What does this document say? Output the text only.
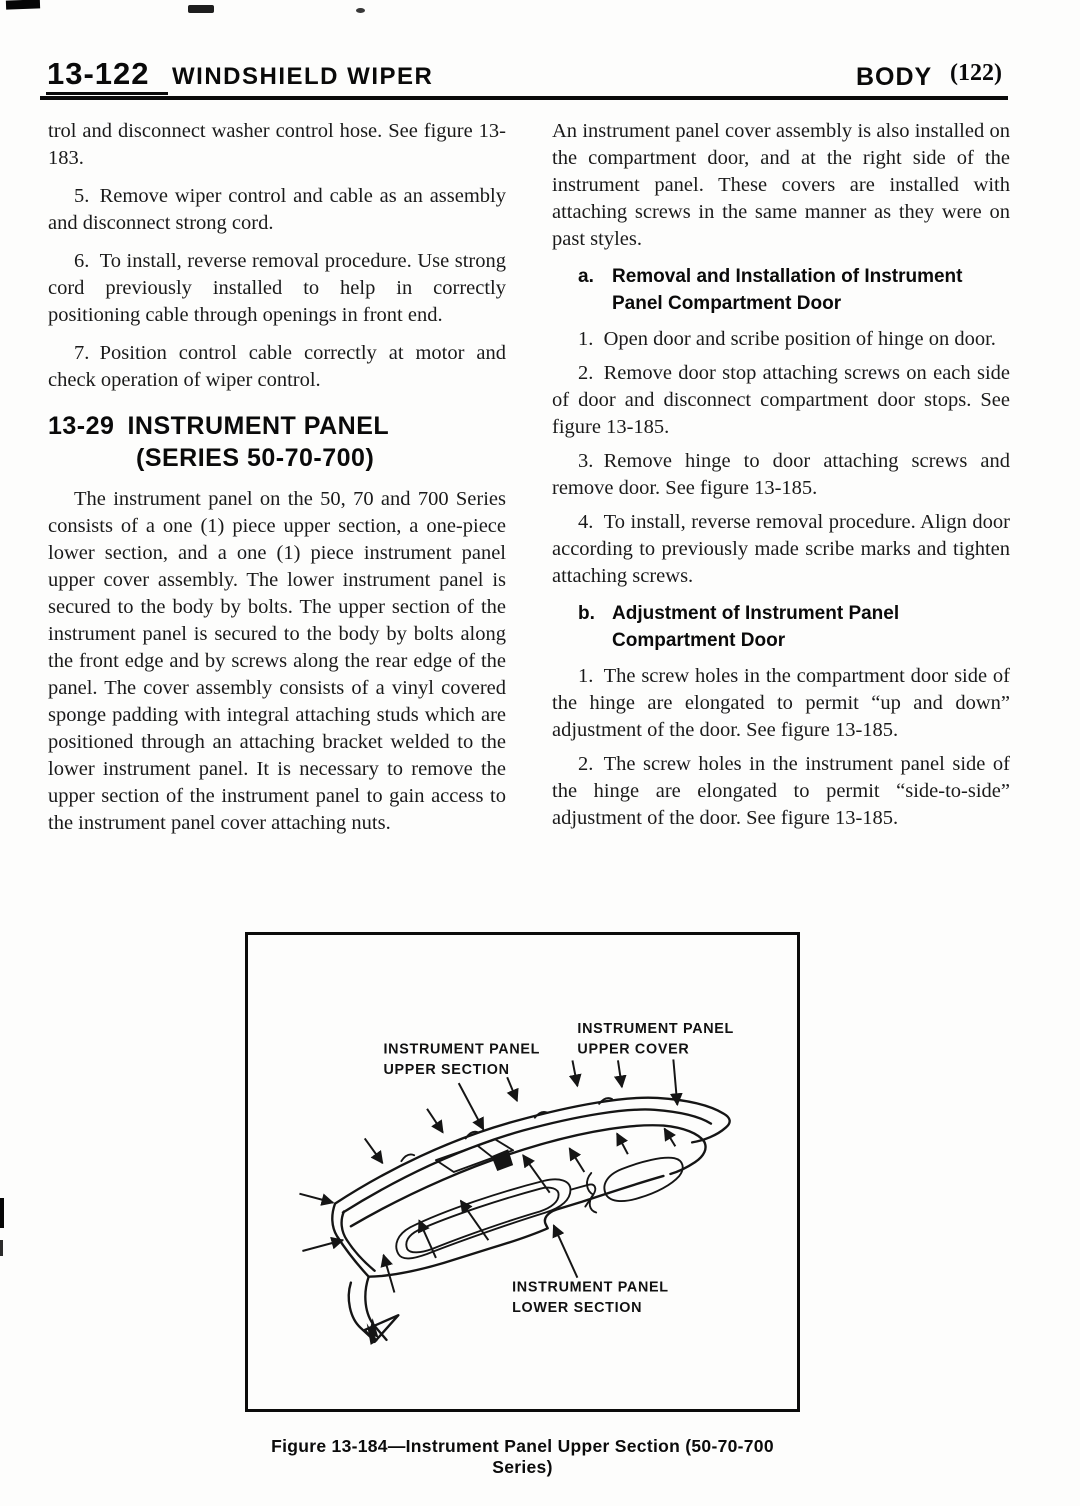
13-122 WINDSHIELD WIPER	BODY (122)

trol and disconnect washer control hose. See figure 13-183.

5. Remove wiper control and cable as an assembly and disconnect strong cord.

6. To install, reverse removal procedure. Use strong cord previously installed to help in correctly positioning cable through openings in front end.

7. Position control cable correctly at motor and check operation of wiper control.

13-29 INSTRUMENT PANEL
(SERIES 50-70-700)

The instrument panel on the 50, 70 and 700 Series consists of a one (1) piece upper section, a one-piece lower section, and a one (1) piece instrument panel upper cover assembly. The lower instrument panel is secured to the body by bolts. The upper section of the instrument panel is secured to the body by bolts along the front edge and by screws along the rear edge of the panel. The cover assembly consists of a vinyl covered sponge padding with integral attaching studs which are positioned through an attaching bracket welded to the lower instrument panel. It is necessary to remove the upper section of the instrument panel to gain access to the instrument panel cover attaching nuts.

An instrument panel cover assembly is also installed on the compartment door, and at the right side of the instrument panel. These covers are installed with attaching screws in the same manner as they were on past styles.

a. Removal and Installation of Instrument Panel Compartment Door

1. Open door and scribe position of hinge on door.

2. Remove door stop attaching screws on each side of door and disconnect compartment door stops. See figure 13-185.

3. Remove hinge to door attaching screws and remove door. See figure 13-185.

4. To install, reverse removal procedure. Align door according to previously made scribe marks and tighten attaching screws.

b. Adjustment of Instrument Panel Compartment Door

1. The screw holes in the compartment door side of the hinge are elongated to permit “up and down” adjustment of the door. See figure 13-185.

2. The screw holes in the instrument panel side of the hinge are elongated to permit “side-to-side” adjustment of the door. See figure 13-185.

INSTRUMENT PANEL
UPPER SECTION
INSTRUMENT PANEL
UPPER COVER
INSTRUMENT PANEL
LOWER SECTION
Figure 13-184—Instrument Panel Upper Section (50-70-700 Series)
